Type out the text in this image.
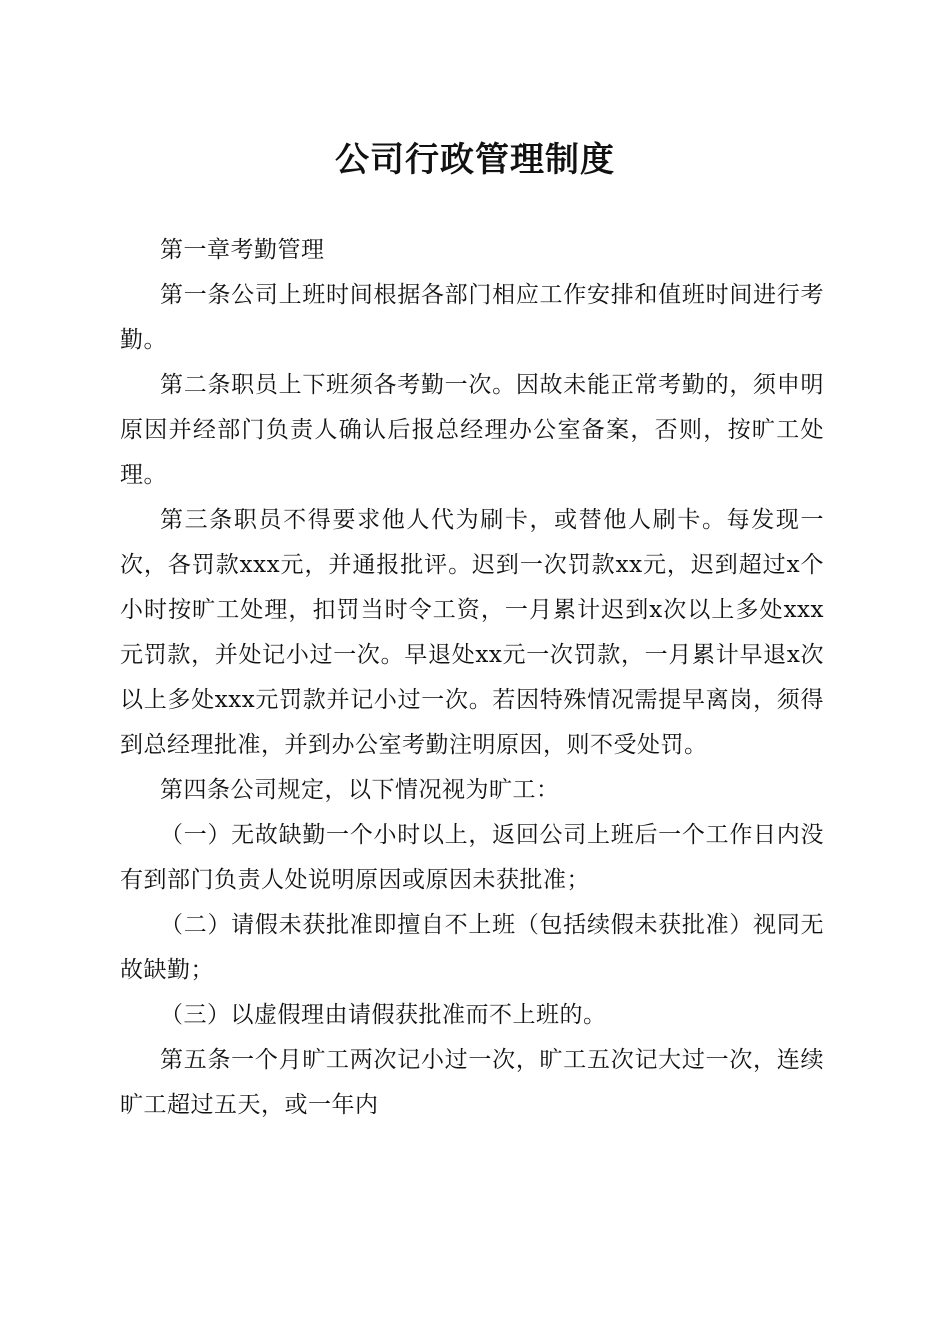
公司行政管理制度

第一章考勤管理

第一条公司上班时间根据各部门相应工作安排和值班时间进行考勤。

第二条职员上下班须各考勤一次。因故未能正常考勤的，须申明原因并经部门负责人确认后报总经理办公室备案，否则，按旷工处理。

第三条职员不得要求他人代为刷卡，或替他人刷卡。每发现一次，各罚款xxx元，并通报批评。迟到一次罚款xx元，迟到超过x个小时按旷工处理，扣罚当时令工资，一月累计迟到x次以上多处xxx元罚款，并处记小过一次。早退处xx元一次罚款，一月累计早退x次以上多处xxx元罚款并记小过一次。若因特殊情况需提早离岗，须得到总经理批准，并到办公室考勤注明原因，则不受处罚。

第四条公司规定，以下情况视为旷工：

（一）无故缺勤一个小时以上，返回公司上班后一个工作日内没有到部门负责人处说明原因或原因未获批准；

（二）请假未获批准即擅自不上班（包括续假未获批准）视同无故缺勤；

（三）以虚假理由请假获批准而不上班的。

第五条一个月旷工两次记小过一次，旷工五次记大过一次，连续旷工超过五天，或一年内
